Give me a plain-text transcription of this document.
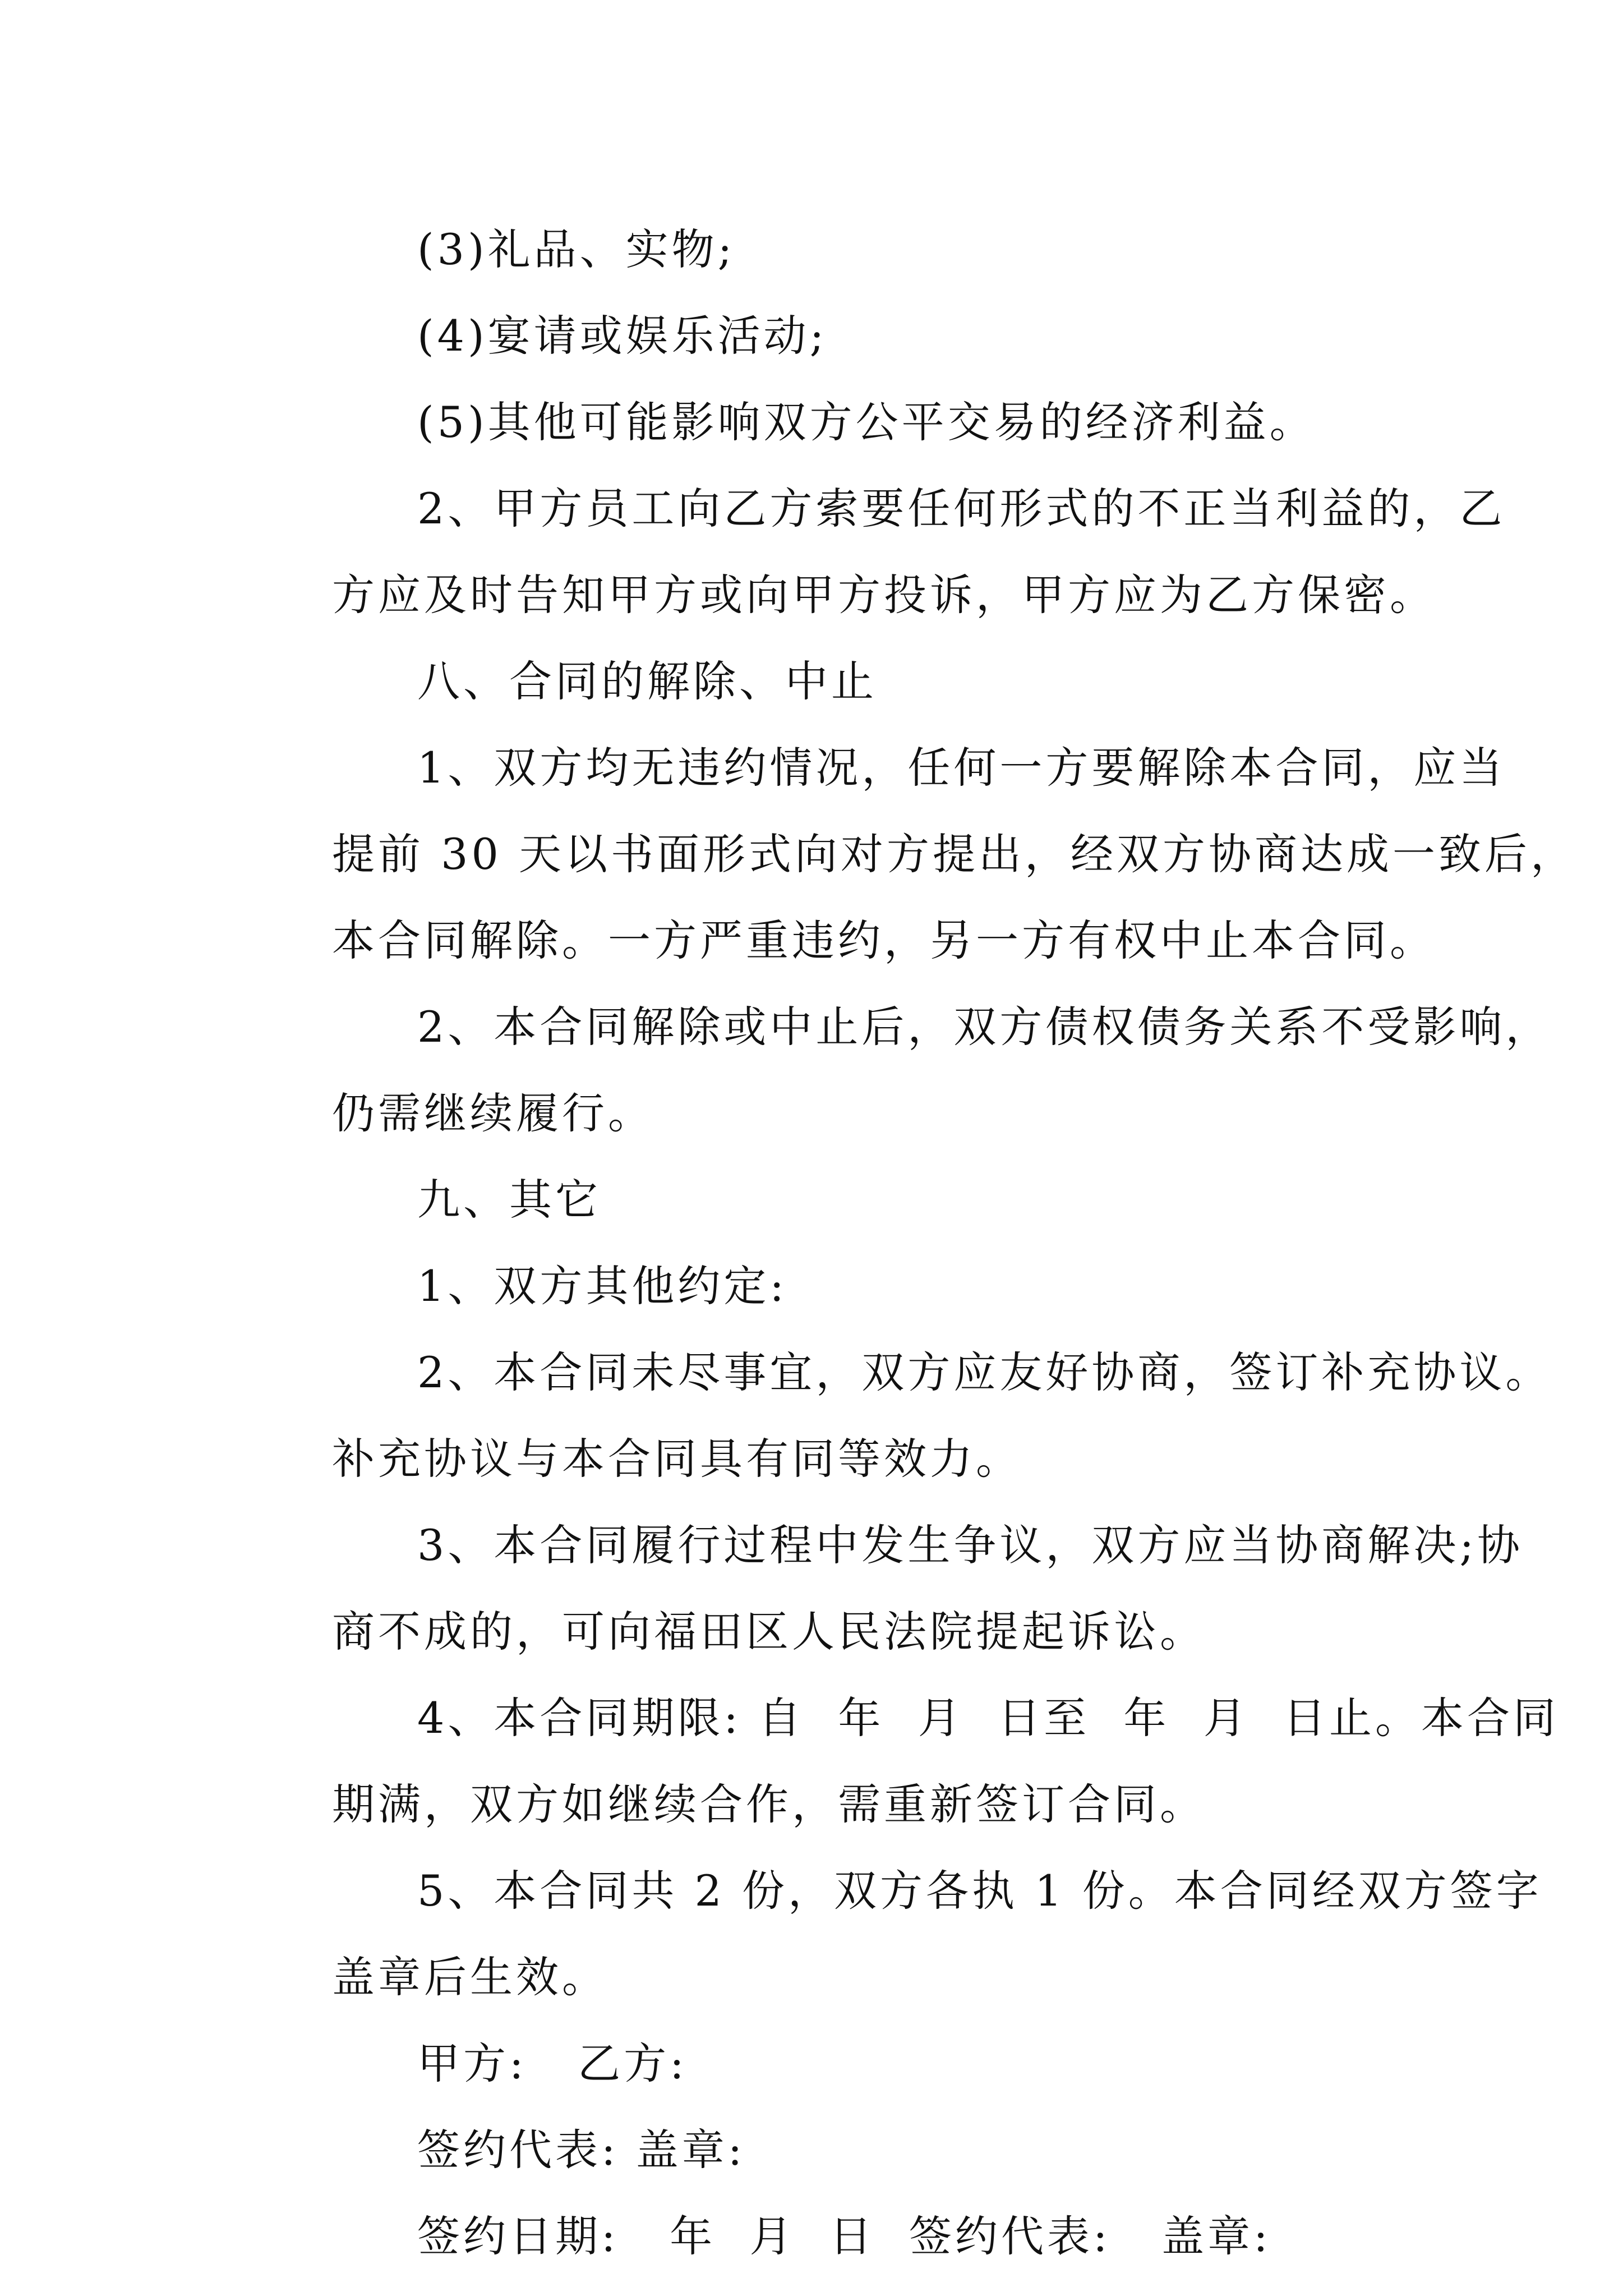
(3)礼品、实物;

(4)宴请或娱乐活动;

(5)其他可能影响双方公平交易的经济利益。

2、甲方员工向乙方索要任何形式的不正当利益的，乙
方应及时告知甲方或向甲方投诉，甲方应为乙方保密。

八、合同的解除、中止

1、双方均无违约情况，任何一方要解除本合同，应当
提前 30 天以书面形式向对方提出，经双方协商达成一致后，
本合同解除。一方严重违约，另一方有权中止本合同。

2、本合同解除或中止后，双方债权债务关系不受影响，
仍需继续履行。

九、其它

1、双方其他约定:

2、本合同未尽事宜，双方应友好协商，签订补充协议。
补充协议与本合同具有同等效力。

3、本合同履行过程中发生争议，双方应当协商解决;协
商不成的，可向福田区人民法院提起诉讼。

4、本合同期限: 自  年  月  日至  年  月  日止。本合同
期满，双方如继续合作，需重新签订合同。

5、本合同共 2 份，双方各执 1 份。本合同经双方签字
盖章后生效。

甲方:   乙方:

签约代表: 盖章:

签约日期:   年  月  日  签约代表:   盖章:
